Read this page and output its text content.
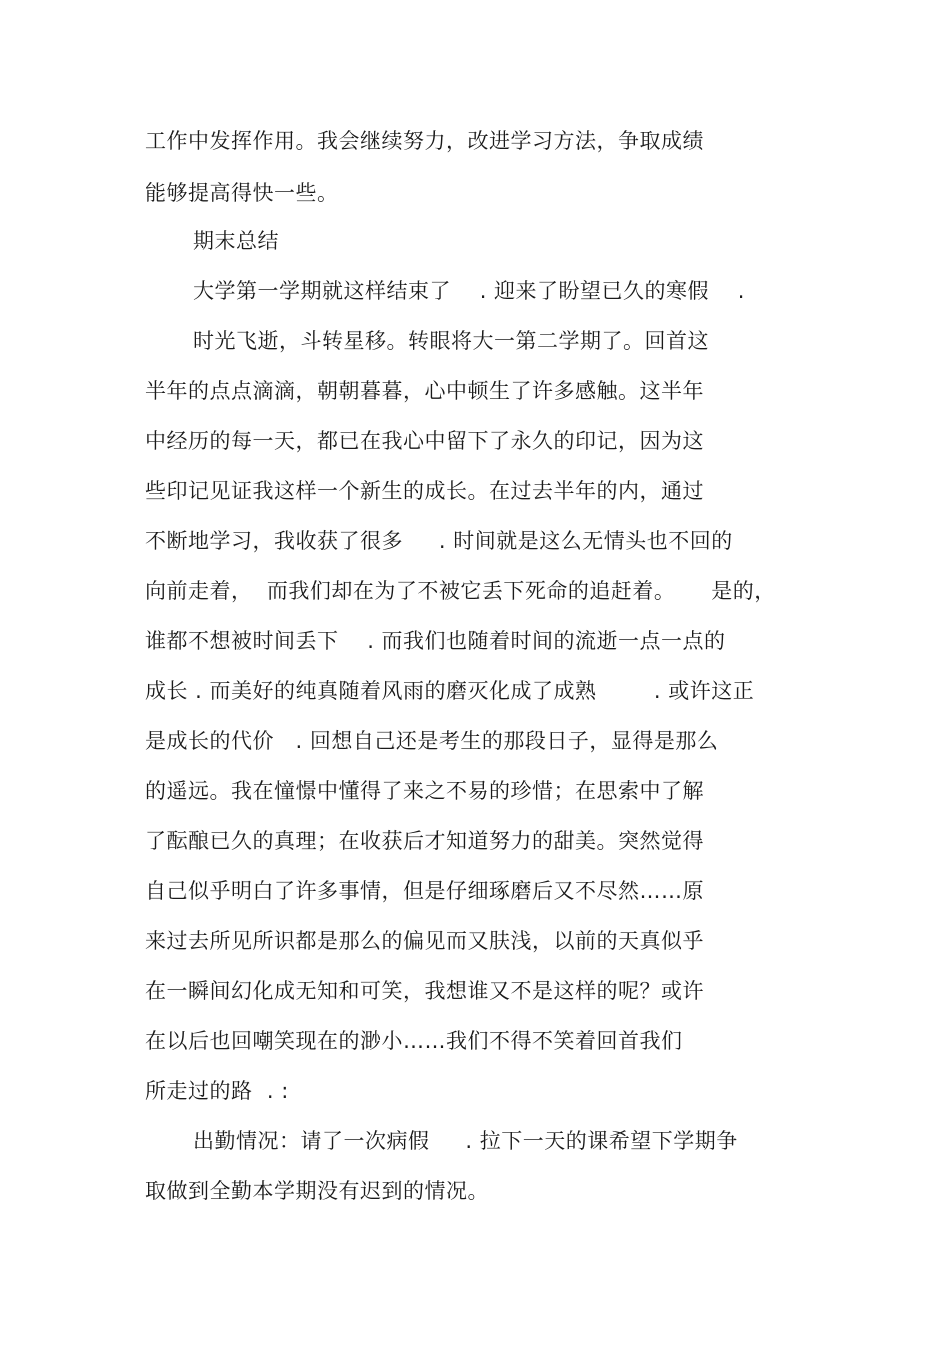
工作中发挥作用。我会继续努力，改进学习方法，争取成绩
能够提高得快一些。
期末总结
大学第一学期就这样结束了    . 迎来了盼望已久的寒假    .
时光飞逝，斗转星移。转眼将大一第二学期了。回首这
半年的点点滴滴，朝朝暮暮，心中顿生了许多感触。这半年
中经历的每一天，都已在我心中留下了永久的印记，因为这
些印记见证我这样一个新生的成长。在过去半年的内，通过
不断地学习，我收获了很多     . 时间就是这么无情头也不回的
向前走着，  而我们却在为了不被它丢下死命的追赶着。     是的，
谁都不想被时间丢下    . 而我们也随着时间的流逝一点一点的
成长 . 而美好的纯真随着风雨的磨灭化成了成熟        . 或许这正
是成长的代价   . 回想自己还是考生的那段日子，显得是那么
的遥远。我在憧憬中懂得了来之不易的珍惜；在思索中了解
了酝酿已久的真理；在收获后才知道努力的甜美。突然觉得
自己似乎明白了许多事情，但是仔细琢磨后又不尽然……原
来过去所见所识都是那么的偏见而又肤浅，以前的天真似乎
在一瞬间幻化成无知和可笑，我想谁又不是这样的呢？或许
在以后也回嘲笑现在的渺小……我们不得不笑着回首我们
所走过的路  . :
出勤情况：请了一次病假     . 拉下一天的课希望下学期争
取做到全勤本学期没有迟到的情况。
